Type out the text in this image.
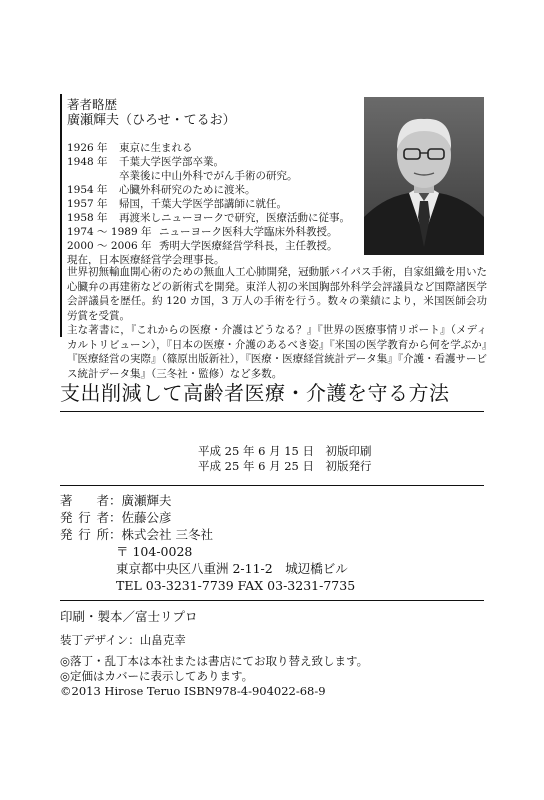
著者略歴
廣瀬輝夫（ひろせ・てるお）
1926 年 東京に生まれる
1948 年 千葉大学医学部卒業。
卒業後に中山外科でがん手術の研究。
1954 年 心臓外科研究のために渡米。
1957 年 帰国，千葉大学医学部講師に就任。
1958 年 再渡米しニューヨークで研究，医療活動に従事。
1974 ～ 1989 年 ニューヨーク医科大学臨床外科教授。
2000 ～ 2006 年 秀明大学医療経営学科長，主任教授。
現在，日本医療経営学会理事長。

世界初無輸血開心術のための無血人工心肺開発，冠動脈バイパス手術，自家組織を用いた心臓弁の再建術などの新術式を開発。東洋人初の米国胸部外科学会評議員など国際諸医学会評議員を歴任。約 120 カ国，3 万人の手術を行う。数々の業績により，米国医師会功労賞を受賞。

主な著書に，『これからの医療・介護はどうなる？』『世界の医療事情リポート』（メディカルトリビューン），『日本の医療・介護のあるべき姿』『米国の医学教育から何を学ぶか』『医療経営の実際』（篠原出版新社），『医療・医療経営統計データ集』『介護・看護サービス統計データ集』（三冬社・監修）など多数。

支出削減して高齢者医療・介護を守る方法
平成 25 年 6 月 15 日　初版印刷
平成 25 年 6 月 25 日　初版発行
著　者：廣瀬輝夫
発行者：佐藤公彦
発行所：株式会社 三冬社
〒 104-0028
東京都中央区八重洲 2-11-2　城辺橋ビル
TEL 03-3231-7739 FAX 03-3231-7735
印刷・製本／富士リプロ
装丁デザイン：山畠克幸
◎落丁・乱丁本は本社または書店にてお取り替え致します。
◎定価はカバーに表示してあります。
©2013 Hirose Teruo ISBN978-4-904022-68-9
